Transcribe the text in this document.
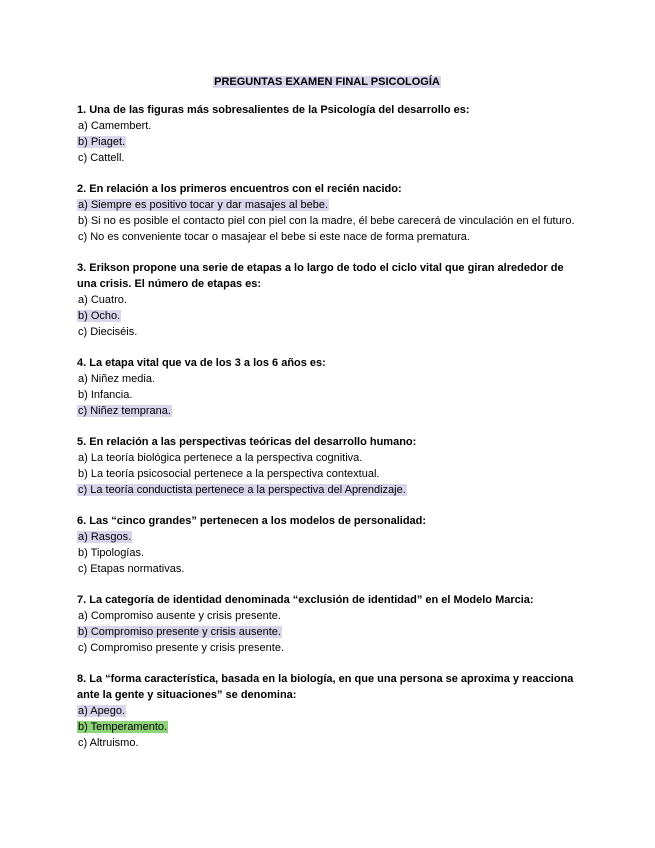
PREGUNTAS EXAMEN FINAL PSICOLOGÍA
1. Una de las figuras más sobresalientes de la Psicología del desarrollo es:
a) Camembert.
b) Piaget.
c) Cattell.
2. En relación a los primeros encuentros con el recién nacido:
a) Siempre es positivo tocar y dar masajes al bebe.
b) Si no es posible el contacto piel con piel con la madre, él bebe carecerá de vinculación en el futuro.
c) No es conveniente tocar o masajear el bebe si este nace de forma prematura.
3. Erikson propone una serie de etapas a lo largo de todo el ciclo vital que giran alrededor de una crisis. El número de etapas es:
a) Cuatro.
b) Ocho.
c) Dieciséis.
4. La etapa vital que va de los 3 a los 6 años es:
a) Niñez media.
b) Infancia.
c) Niñez temprana.
5. En relación a las perspectivas teóricas del desarrollo humano:
a) La teoría biológica pertenece a la perspectiva cognitiva.
b) La teoría psicosocial pertenece a la perspectiva contextual.
c) La teoría conductista pertenece a la perspectiva del Aprendizaje.
6. Las “cinco grandes” pertenecen a los modelos de personalidad:
a) Rasgos.
b) Tipologías.
c) Etapas normativas.
7. La categoría de identidad denominada “exclusión de identidad” en el Modelo Marcia:
a) Compromiso ausente y crisis presente.
b) Compromiso presente y crisis ausente.
c) Compromiso presente y crisis presente.
8. La “forma característica, basada en la biología, en que una persona se aproxima y reacciona ante la gente y situaciones” se denomina:
a) Apego.
b) Temperamento.
c) Altruismo.
